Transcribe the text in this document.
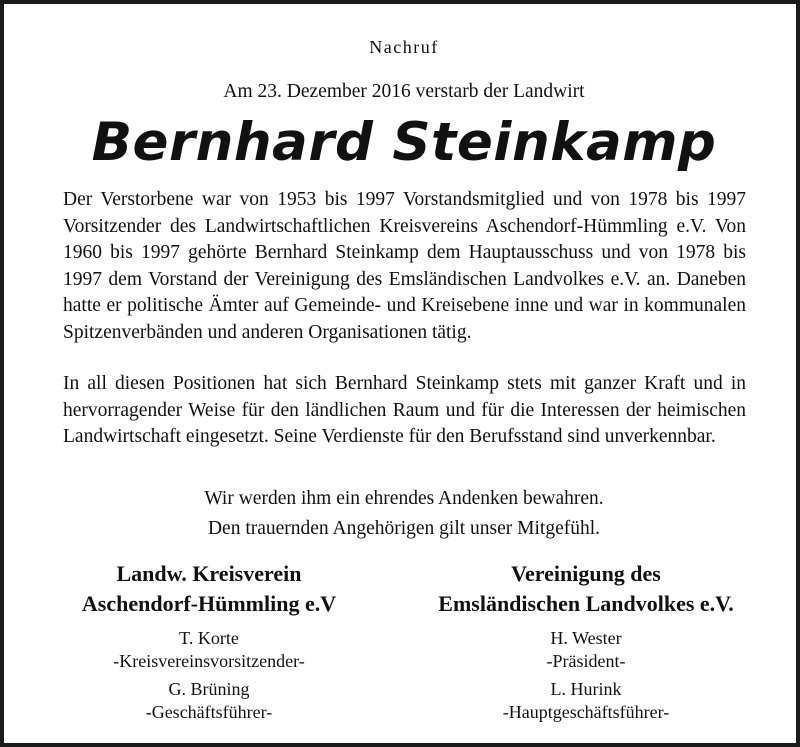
Nachruf
Am 23. Dezember 2016 verstarb der Landwirt
Bernhard Steinkamp

Der Verstorbene war von 1953 bis 1997 Vorstandsmitglied und von 1978 bis 1997 Vorsitzender des Landwirtschaftlichen Kreisvereins Aschendorf-Hümmling e.V. Von 1960 bis 1997 gehörte Bernhard Steinkamp dem Hauptausschuss und von 1978 bis 1997 dem Vorstand der Vereinigung des Emsländischen Landvolkes e.V. an. Daneben hatte er politische Ämter auf Gemeinde- und Kreisebene inne und war in kommunalen Spitzenverbänden und anderen Organisationen tätig.

In all diesen Positionen hat sich Bernhard Steinkamp stets mit ganzer Kraft und in hervorragender Weise für den ländlichen Raum und für die Interessen der heimischen Landwirtschaft eingesetzt. Seine Verdienste für den Berufsstand sind unverkennbar.

Wir werden ihm ein ehrendes Andenken bewahren.
Den trauernden Angehörigen gilt unser Mitgefühl.
Landw. Kreisverein
Aschendorf-Hümmling e.V
T. Korte
-Kreisvereinsvorsitzender-
G. Brüning
-Geschäftsführer-
Vereinigung des
Emsländischen Landvolkes e.V.
H. Wester
-Präsident-
L. Hurink
-Hauptgeschäftsführer-
